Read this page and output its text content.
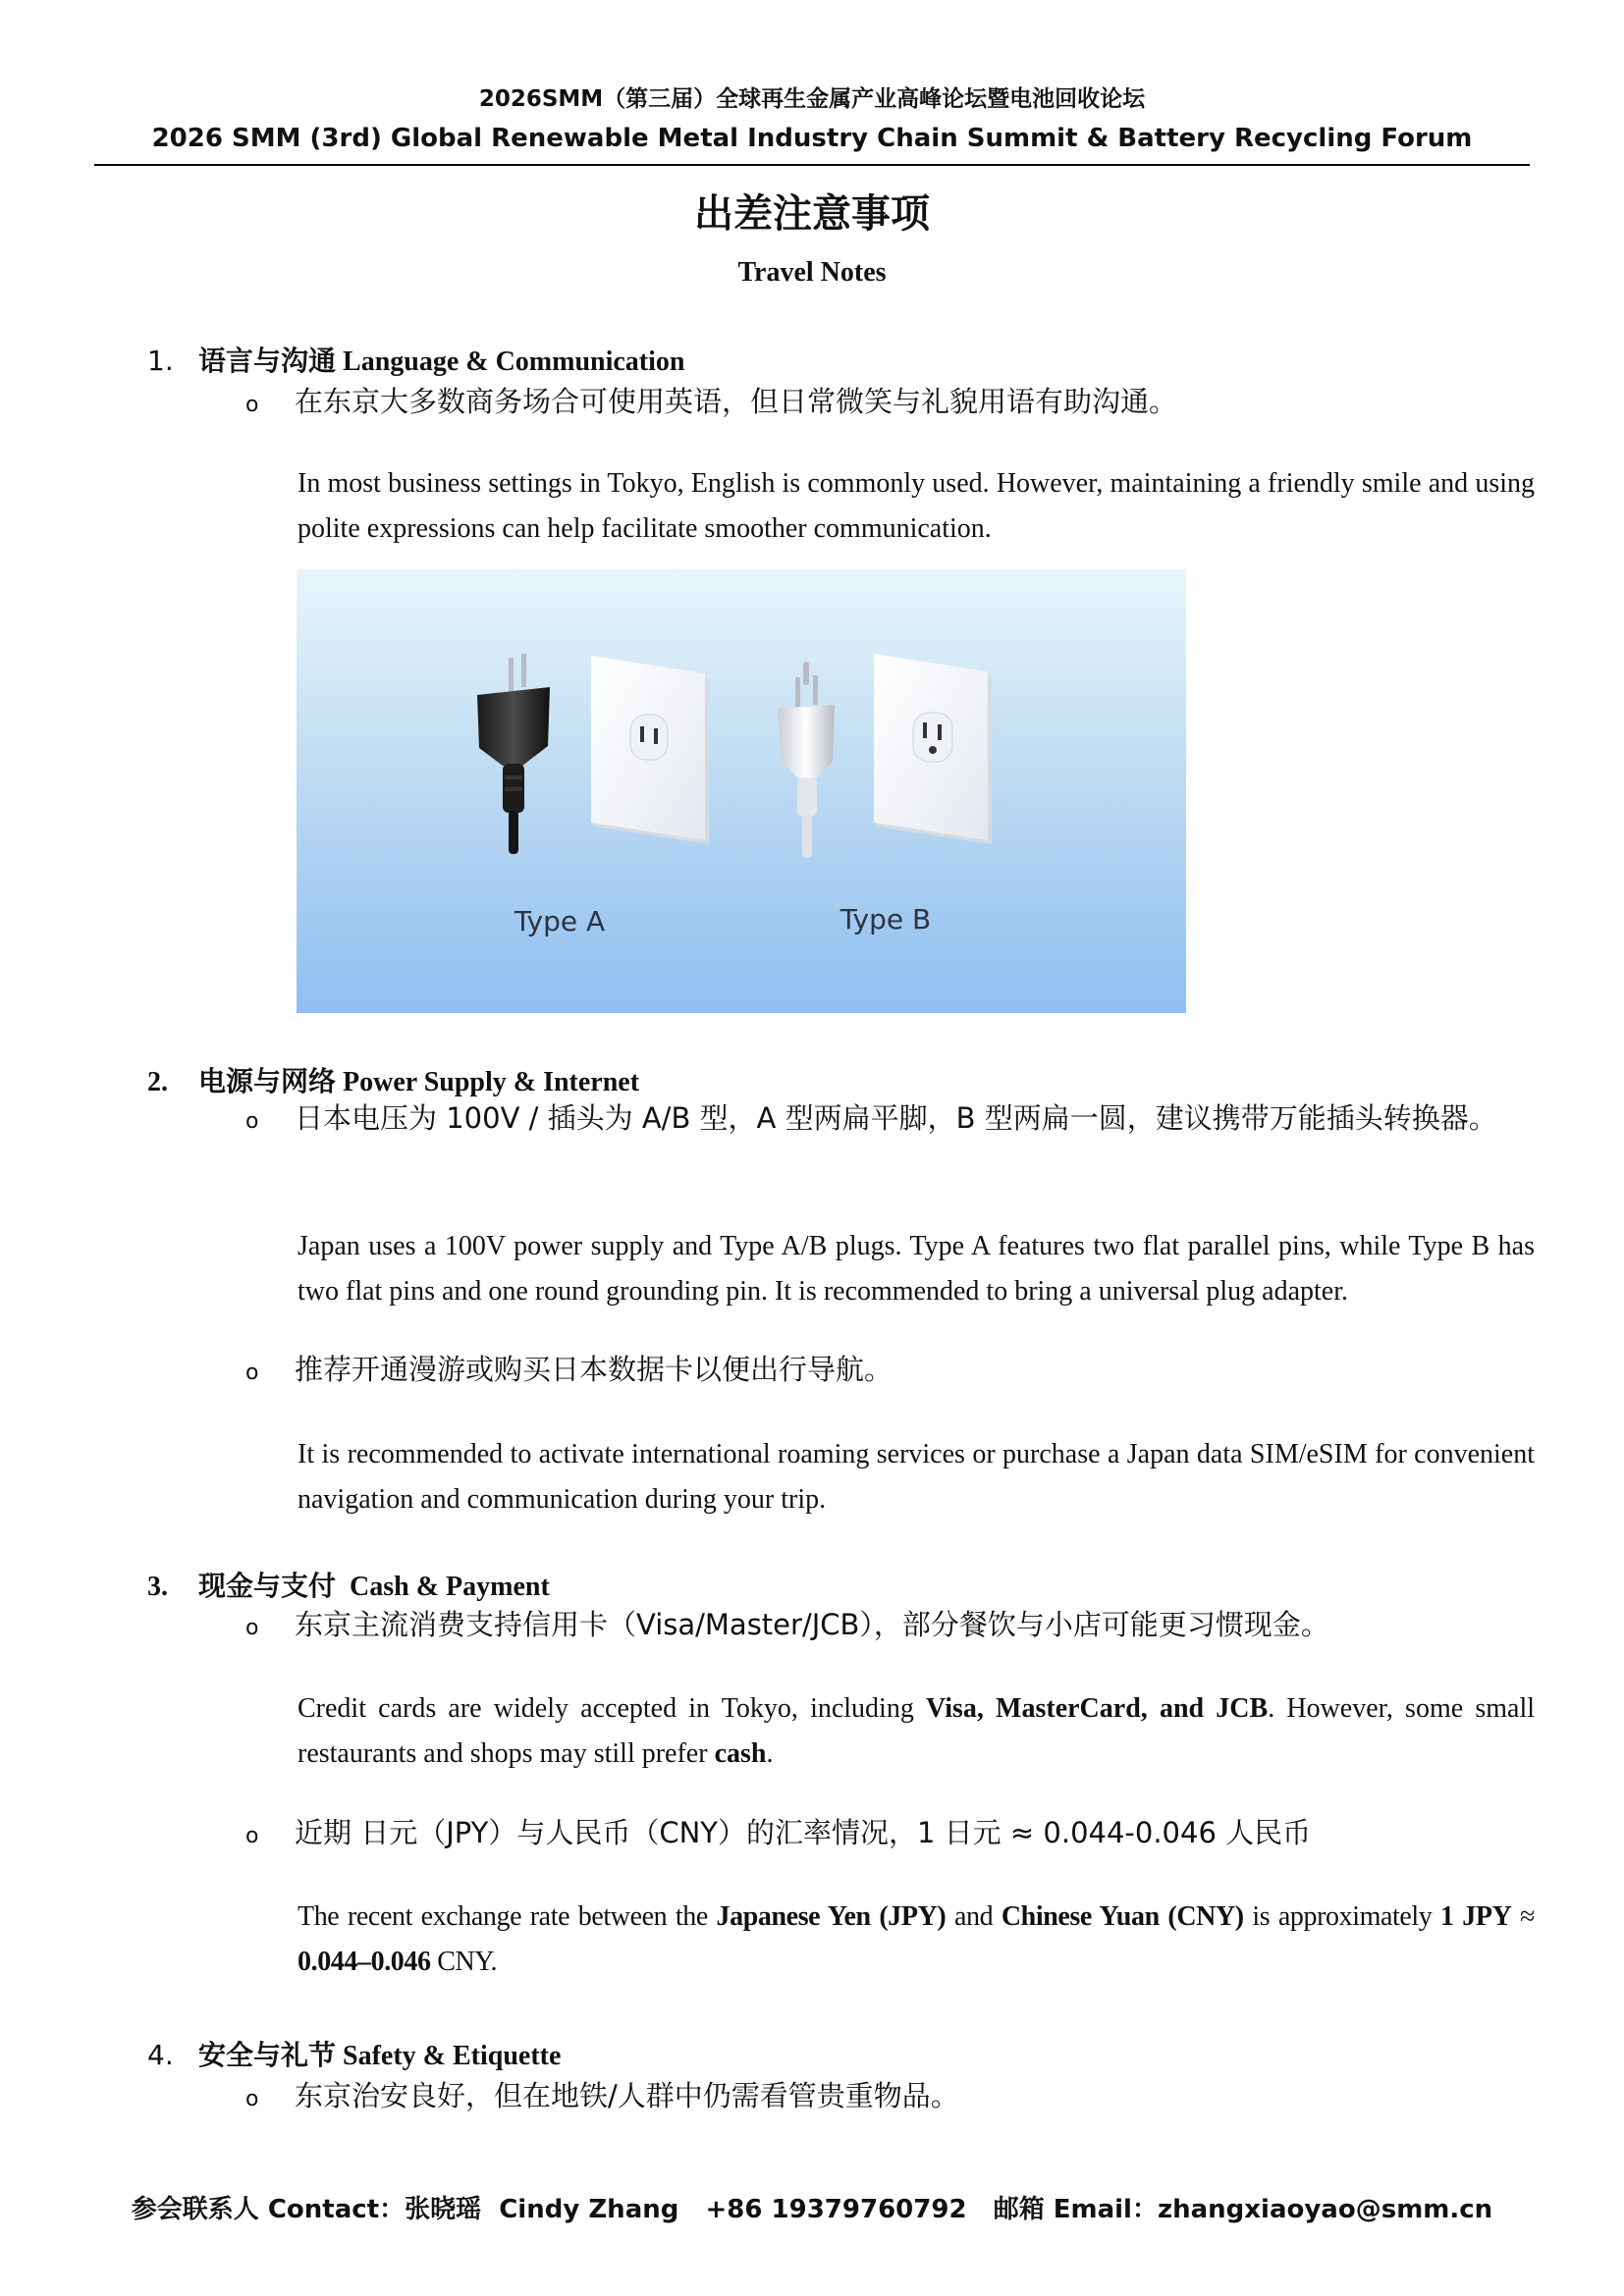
2026SMM（第三届）全球再生金属产业高峰论坛暨电池回收论坛
2026 SMM (3rd) Global Renewable Metal Industry Chain Summit & Battery Recycling Forum
出差注意事项
Travel Notes
1. 语言与沟通 Language & Communication
o 在东京大多数商务场合可使用英语，但日常微笑与礼貌用语有助沟通。
In most business settings in Tokyo, English is commonly used. However, maintaining a friendly smile and using polite expressions can help facilitate smoother communication.
Type A	Type B
2. 电源与网络 Power Supply & Internet
o 日本电压为 100V / 插头为 A/B 型，A 型两扁平脚，B 型两扁一圆，建议携带万能插头转换器。
Japan uses a 100V power supply and Type A/B plugs. Type A features two flat parallel pins, while Type B has two flat pins and one round grounding pin. It is recommended to bring a universal plug adapter.
o 推荐开通漫游或购买日本数据卡以便出行导航。
It is recommended to activate international roaming services or purchase a Japan data SIM/eSIM for convenient navigation and communication during your trip.
3. 现金与支付 Cash & Payment
o 东京主流消费支持信用卡（Visa/Master/JCB），部分餐饮与小店可能更习惯现金。
Credit cards are widely accepted in Tokyo, including Visa, MasterCard, and JCB. However, some small restaurants and shops may still prefer cash.
o 近期 日元（JPY）与人民币（CNY）的汇率情况，1 日元 ≈ 0.044-0.046 人民币
The recent exchange rate between the Japanese Yen (JPY) and Chinese Yuan (CNY) is approximately 1 JPY ≈ 0.044–0.046 CNY.
4. 安全与礼节 Safety & Etiquette
o 东京治安良好，但在地铁/人群中仍需看管贵重物品。
参会联系人 Contact：张晓瑶  Cindy Zhang   +86 19379760792   邮箱 Email：zhangxiaoyao@smm.cn
